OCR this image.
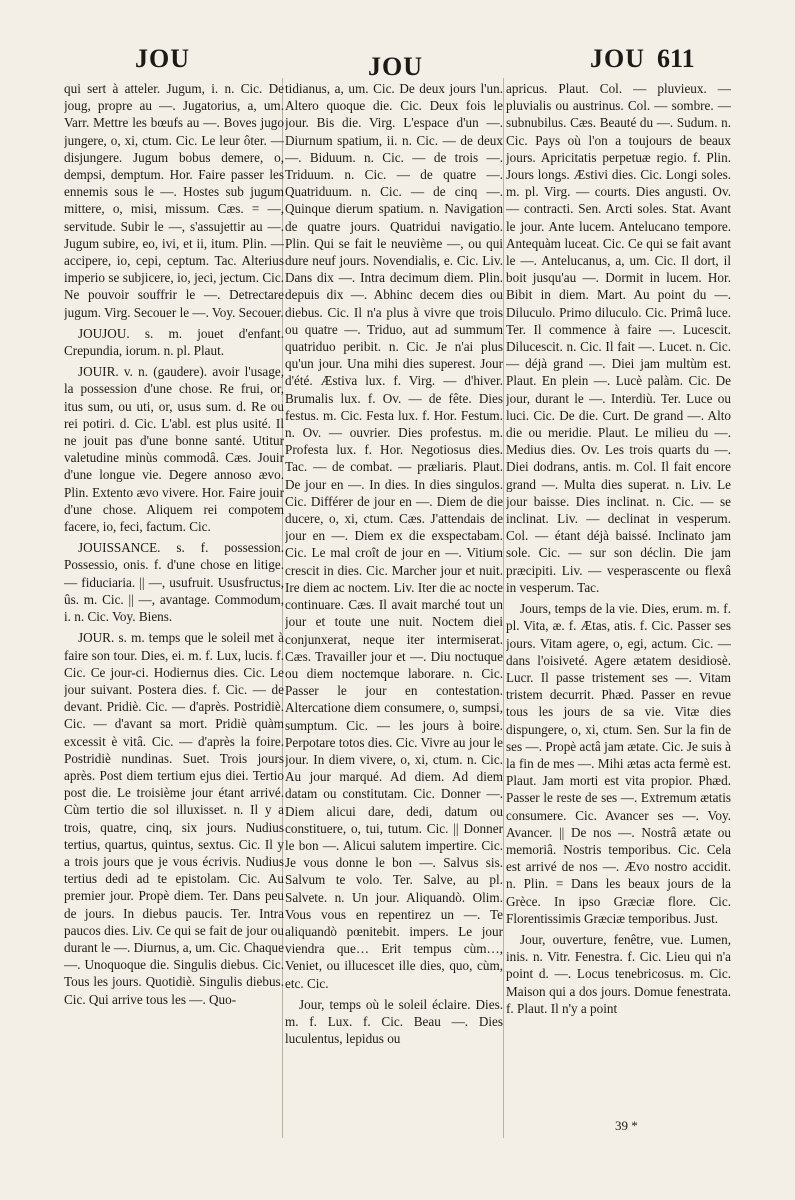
JOU	JOU	JOU 611

qui sert à atteler. Jugum, i. n. Cic. De joug, propre au —. Jugatorius, a, um. Varr. Mettre les bœufs au —. Boves jugo jungere, o, xi, ctum. Cic. Le leur ôter. — disjungere. Jugum bobus demere, o, dempsi, demptum. Hor. Faire passer les ennemis sous le —. Hostes sub jugum mittere, o, misi, missum. Cæs. = —, servitude. Subir le —, s'assujettir au —. Jugum subire, eo, ivi, et ii, itum. Plin. — accipere, io, cepi, ceptum. Tac. Alterius imperio se subjicere, io, jeci, jectum. Cic. Ne pouvoir souffrir le —. Detrectare jugum. Virg. Secouer le —. Voy. Secouer.

JOUJOU. s. m. jouet d'enfant. Crepundia, iorum. n. pl. Plaut.

JOUIR. v. n. (gaudere). avoir l'usage, la possession d'une chose. Re frui, or, itus sum, ou uti, or, usus sum. d. Re ou rei potiri. d. Cic. L'abl. est plus usité. Il ne jouit pas d'une bonne santé. Utitur valetudine minùs commodâ. Cæs. Jouir d'une longue vie. Degere annoso ævo. Plin. Extento ævo vivere. Hor. Faire jouir d'une chose. Aliquem rei compotem facere, io, feci, factum. Cic.

JOUISSANCE. s. f. possession. Possessio, onis. f. d'une chose en litige. — fiduciaria. || —, usufruit. Ususfructus, ûs. m. Cic. || —, avantage. Commodum, i. n. Cic. Voy. Biens.

JOUR. s. m. temps que le soleil met à faire son tour. Dies, ei. m. f. Lux, lucis. f. Cic. Ce jour-ci. Hodiernus dies. Cic. Le jour suivant. Postera dies. f. Cic. — de devant. Pridiè. Cic. — d'après. Postridiè. Cic. — d'avant sa mort. Pridiè quàm excessit è vitâ. Cic. — d'après la foire. Postridiè nundinas. Suet. Trois jours après. Post diem tertium ejus diei. Tertio post die. Le troisième jour étant arrivé. Cùm tertio die sol illuxisset. n. Il y a trois, quatre, cinq, six jours. Nudius tertius, quartus, quintus, sextus. Cic. Il y a trois jours que je vous écrivis. Nudius tertius dedi ad te epistolam. Cic. Au premier jour. Propè diem. Ter. Dans peu de jours. In diebus paucis. Ter. Intra paucos dies. Liv. Ce qui se fait de jour ou durant le —. Diurnus, a, um. Cic. Chaque —. Unoquoque die. Singulis diebus. Cic. Tous les jours. Quotidiè. Singulis diebus. Cic. Qui arrive tous les —. Quo-

tidianus, a, um. Cic. De deux jours l'un. Altero quoque die. Cic. Deux fois le jour. Bis die. Virg. L'espace d'un —. Diurnum spatium, ii. n. Cic. — de deux —. Biduum. n. Cic. — de trois —. Triduum. n. Cic. — de quatre —. Quatriduum. n. Cic. — de cinq —. Quinque dierum spatium. n. Navigation de quatre jours. Quatridui navigatio. Plin. Qui se fait le neuvième —, ou qui dure neuf jours. Novendialis, e. Cic. Liv. Dans dix —. Intra decimum diem. Plin. depuis dix —. Abhinc decem dies ou diebus. Cic. Il n'a plus à vivre que trois ou quatre —. Triduo, aut ad summum quatriduo peribit. n. Cic. Je n'ai plus qu'un jour. Una mihi dies superest. Jour d'été. Æstiva lux. f. Virg. — d'hiver. Brumalis lux. f. Ov. — de fête. Dies festus. m. Cic. Festa lux. f. Hor. Festum. n. Ov. — ouvrier. Dies profestus. m. Profesta lux. f. Hor. Negotiosus dies. Tac. — de combat. — præliaris. Plaut. De jour en —. In dies. In dies singulos. Cic. Différer de jour en —. Diem de die ducere, o, xi, ctum. Cæs. J'attendais de jour en —. Diem ex die exspectabam. Cic. Le mal croît de jour en —. Vitium crescit in dies. Cic. Marcher jour et nuit. Ire diem ac noctem. Liv. Iter die ac nocte continuare. Cæs. Il avait marché tout un jour et toute une nuit. Noctem diei conjunxerat, neque iter intermiserat. Cæs. Travailler jour et —. Diu noctuque ou diem noctemque laborare. n. Cic. Passer le jour en contestation. Altercatione diem consumere, o, sumpsi, sumptum. Cic. — les jours à boire. Perpotare totos dies. Cic. Vivre au jour le jour. In diem vivere, o, xi, ctum. n. Cic. Au jour marqué. Ad diem. Ad diem datam ou constitutam. Cic. Donner —. Diem alicui dare, dedi, datum ou constituere, o, tui, tutum. Cic. || Donner le bon —. Alicui salutem impertire. Cic. Je vous donne le bon —. Salvus sis. Salvum te volo. Ter. Salve, au pl. Salvete. n. Un jour. Aliquandò. Olim. Vous vous en repentirez un —. Te aliquandò pœnitebit. impers. Le jour viendra que… Erit tempus cùm…, Veniet, ou illucescet ille dies, quo, cùm, etc. Cic.

Jour, temps où le soleil éclaire. Dies. m. f. Lux. f. Cic. Beau —. Dies luculentus, lepidus ou

apricus. Plaut. Col. — pluvieux. — pluvialis ou austrinus. Col. — sombre. — subnubilus. Cæs. Beauté du —. Sudum. n. Cic. Pays où l'on a toujours de beaux jours. Apricitatis perpetuæ regio. f. Plin. Jours longs. Æstivi dies. Cic. Longi soles. m. pl. Virg. — courts. Dies angusti. Ov. — contracti. Sen. Arcti soles. Stat. Avant le jour. Ante lucem. Antelucano tempore. Antequàm luceat. Cic. Ce qui se fait avant le —. Antelucanus, a, um. Cic. Il dort, il boit jusqu'au —. Dormit in lucem. Hor. Bibit in diem. Mart. Au point du —. Diluculo. Primo diluculo. Cic. Primâ luce. Ter. Il commence à faire —. Lucescit. Dilucescit. n. Cic. Il fait —. Lucet. n. Cic. — déjà grand —. Diei jam multùm est. Plaut. En plein —. Lucè palàm. Cic. De jour, durant le —. Interdiù. Ter. Luce ou luci. Cic. De die. Curt. De grand —. Alto die ou meridie. Plaut. Le milieu du —. Medius dies. Ov. Les trois quarts du —. Diei dodrans, antis. m. Col. Il fait encore grand —. Multa dies superat. n. Liv. Le jour baisse. Dies inclinat. n. Cic. — se inclinat. Liv. — declinat in vesperum. Col. — étant déjà baissé. Inclinato jam sole. Cic. — sur son déclin. Die jam præcipiti. Liv. — vesperascente ou flexâ in vesperum. Tac.

Jours, temps de la vie. Dies, erum. m. f. pl. Vita, æ. f. Ætas, atis. f. Cic. Passer ses jours. Vitam agere, o, egi, actum. Cic. — dans l'oisiveté. Agere ætatem desidiosè. Lucr. Il passe tristement ses —. Vitam tristem decurrit. Phæd. Passer en revue tous les jours de sa vie. Vitæ dies dispungere, o, xi, ctum. Sen. Sur la fin de ses —. Propè actâ jam ætate. Cic. Je suis à la fin de mes —. Mihi ætas acta fermè est. Plaut. Jam morti est vita propior. Phæd. Passer le reste de ses —. Extremum ætatis consumere. Cic. Avancer ses —. Voy. Avancer. || De nos —. Nostrâ ætate ou memoriâ. Nostris temporibus. Cic. Cela est arrivé de nos —. Ævo nostro accidit. n. Plin. = Dans les beaux jours de la Grèce. In ipso Græciæ flore. Cic. Florentissimis Græciæ temporibus. Just.

Jour, ouverture, fenêtre, vue. Lumen, inis. n. Vitr. Fenestra. f. Cic. Lieu qui n'a point d. —. Locus tenebricosus. m. Cic. Maison qui a dos jours. Domue fenestrata. f. Plaut. Il n'y a point

39 *
